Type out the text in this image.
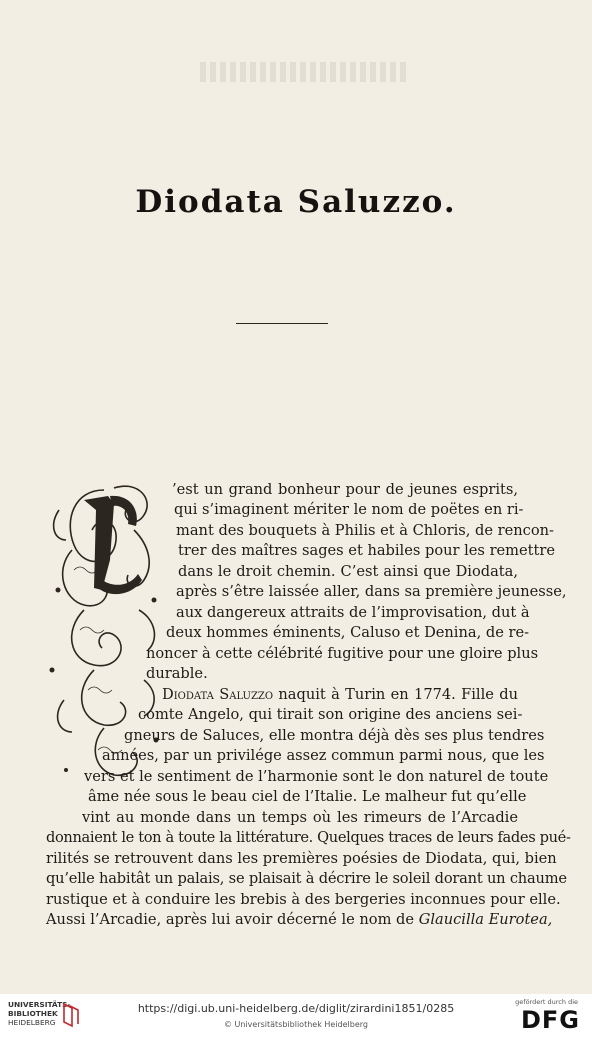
Diodata Saluzzo.
’est un grand bonheur pour de jeunes esprits,
qui s’imaginent mériter le nom de poëtes en ri-
mant des bouquets à Philis et à Chloris, de rencon-
trer des maîtres sages et habiles pour les remettre
dans le droit chemin. C’est ainsi que Diodata,
après s’être laissée aller, dans sa première jeunesse,
aux dangereux attraits de l’improvisation, dut à
deux hommes éminents, Caluso et Denina, de re-
noncer à cette célébrité fugitive pour une gloire plus
durable.
Diodata Saluzzo naquit à Turin en 1774. Fille du
comte Angelo, qui tirait son origine des anciens sei-
gneurs de Saluces, elle montra déjà dès ses plus tendres
années, par un privilége assez commun parmi nous, que les
vers et le sentiment de l’harmonie sont le don naturel de toute
âme née sous le beau ciel de l’Italie. Le malheur fut qu’elle
vint au monde dans un temps où les rimeurs de l’Arcadie
donnaient le ton à toute la littérature. Quelques traces de leurs fades pué-
rilités se retrouvent dans les premières poésies de Diodata, qui, bien
qu’elle habitât un palais, se plaisait à décrire le soleil dorant un chaume
rustique et à conduire les brebis à des bergeries inconnues pour elle.
Aussi l’Arcadie, après lui avoir décerné le nom de Glaucilla Eurotea,
UNIVERSITÄTS-
BIBLIOTHEK
HEIDELBERG
https://digi.ub.uni-heidelberg.de/diglit/zirardini1851/0285
© Universitätsbibliothek Heidelberg
gefördert durch die
DFG
